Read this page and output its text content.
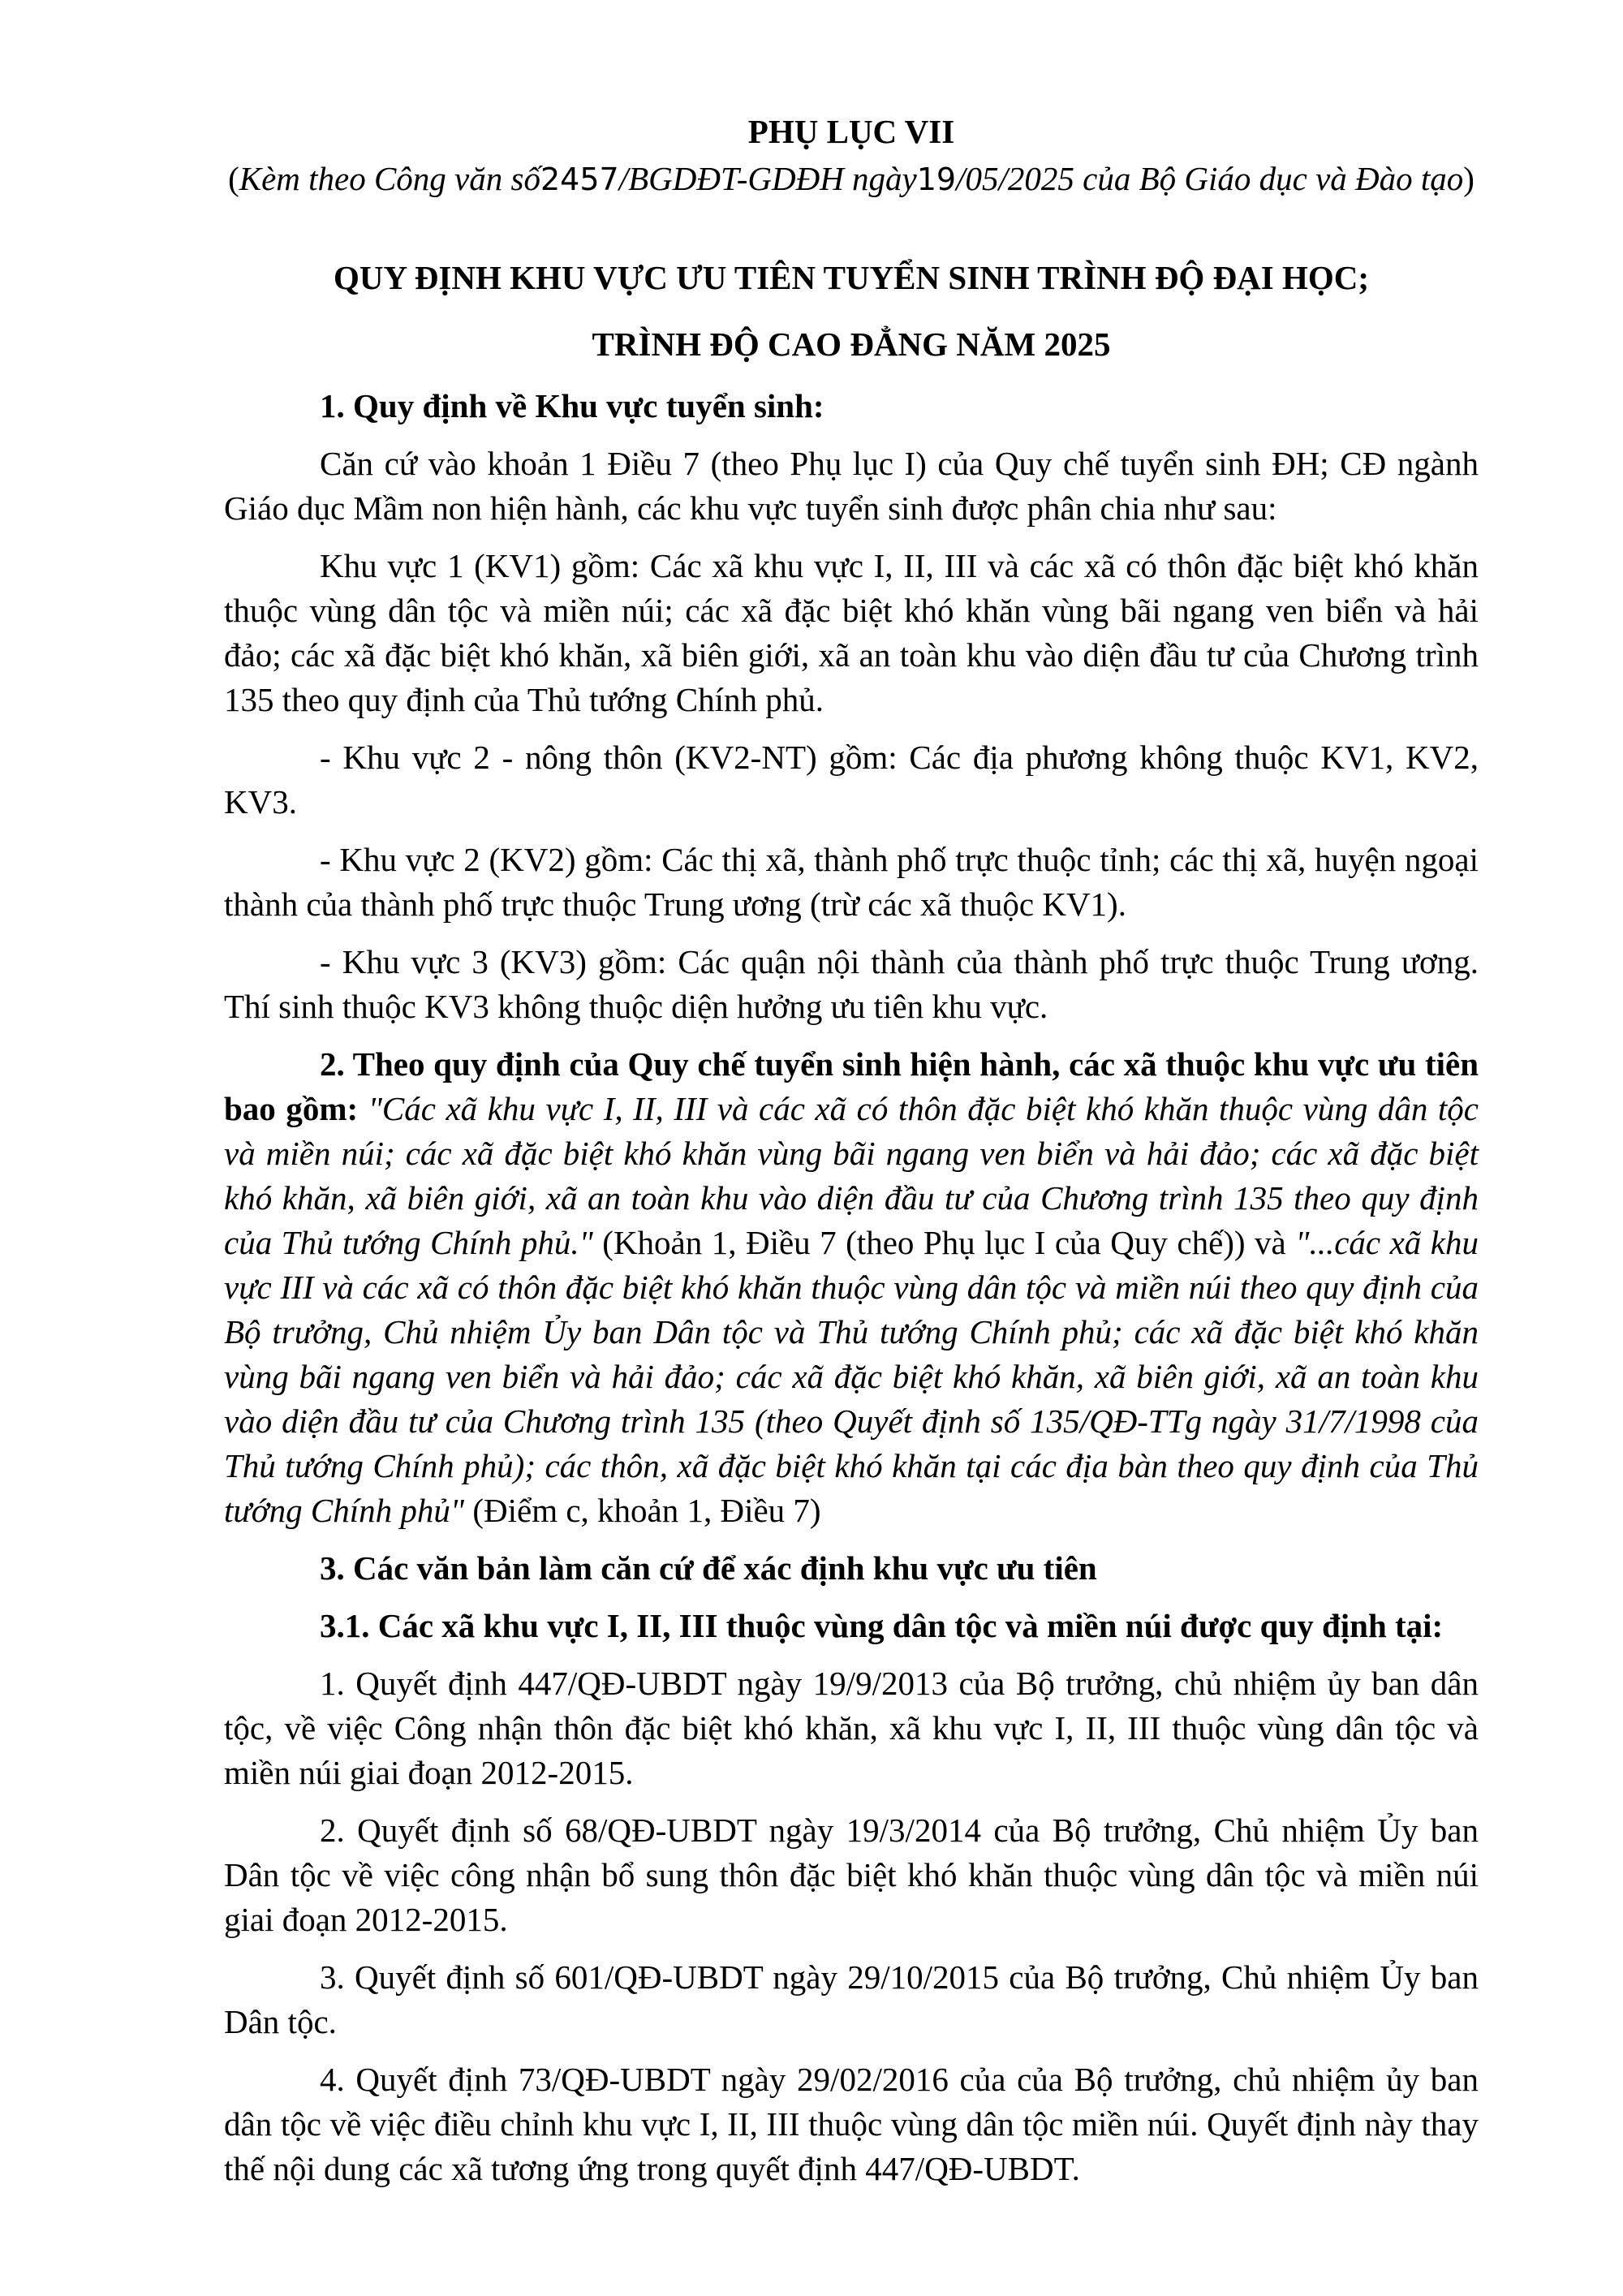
PHỤ LỤC VII
(Kèm theo Công văn số2457/BGDĐT-GDĐH ngày19/05/2025 của Bộ Giáo dục và Đào tạo)
QUY ĐỊNH KHU VỰC ƯU TIÊN TUYỂN SINH TRÌNH ĐỘ ĐẠI HỌC;
TRÌNH ĐỘ CAO ĐẲNG NĂM 2025

1. Quy định về Khu vực tuyển sinh:

Căn cứ vào khoản 1 Điều 7 (theo Phụ lục I) của Quy chế tuyển sinh ĐH; CĐ ngành Giáo dục Mầm non hiện hành, các khu vực tuyển sinh được phân chia như sau:

Khu vực 1 (KV1) gồm: Các xã khu vực I, II, III và các xã có thôn đặc biệt khó khăn thuộc vùng dân tộc và miền núi; các xã đặc biệt khó khăn vùng bãi ngang ven biển và hải đảo; các xã đặc biệt khó khăn, xã biên giới, xã an toàn khu vào diện đầu tư của Chương trình 135 theo quy định của Thủ tướng Chính phủ.

- Khu vực 2 - nông thôn (KV2-NT) gồm: Các địa phương không thuộc KV1, KV2, KV3.

- Khu vực 2 (KV2) gồm: Các thị xã, thành phố trực thuộc tỉnh; các thị xã, huyện ngoại thành của thành phố trực thuộc Trung ương (trừ các xã thuộc KV1).

- Khu vực 3 (KV3) gồm: Các quận nội thành của thành phố trực thuộc Trung ương. Thí sinh thuộc KV3 không thuộc diện hưởng ưu tiên khu vực.

2. Theo quy định của Quy chế tuyển sinh hiện hành, các xã thuộc khu vực ưu tiên bao gồm: "Các xã khu vực I, II, III và các xã có thôn đặc biệt khó khăn thuộc vùng dân tộc và miền núi; các xã đặc biệt khó khăn vùng bãi ngang ven biển và hải đảo; các xã đặc biệt khó khăn, xã biên giới, xã an toàn khu vào diện đầu tư của Chương trình 135 theo quy định của Thủ tướng Chính phủ." (Khoản 1, Điều 7 (theo Phụ lục I của Quy chế)) và "...các xã khu vực III và các xã có thôn đặc biệt khó khăn thuộc vùng dân tộc và miền núi theo quy định của Bộ trưởng, Chủ nhiệm Ủy ban Dân tộc và Thủ tướng Chính phủ; các xã đặc biệt khó khăn vùng bãi ngang ven biển và hải đảo; các xã đặc biệt khó khăn, xã biên giới, xã an toàn khu vào diện đầu tư của Chương trình 135 (theo Quyết định số 135/QĐ-TTg ngày 31/7/1998 của Thủ tướng Chính phủ); các thôn, xã đặc biệt khó khăn tại các địa bàn theo quy định của Thủ tướng Chính phủ" (Điểm c, khoản 1, Điều 7)

3. Các văn bản làm căn cứ để xác định khu vực ưu tiên

3.1. Các xã khu vực I, II, III thuộc vùng dân tộc và miền núi được quy định tại:

1. Quyết định 447/QĐ-UBDT ngày 19/9/2013 của Bộ trưởng, chủ nhiệm ủy ban dân tộc, về việc Công nhận thôn đặc biệt khó khăn, xã khu vực I, II, III thuộc vùng dân tộc và miền núi giai đoạn 2012-2015.

2. Quyết định số 68/QĐ-UBDT ngày 19/3/2014 của Bộ trưởng, Chủ nhiệm Ủy ban Dân tộc về việc công nhận bổ sung thôn đặc biệt khó khăn thuộc vùng dân tộc và miền núi giai đoạn 2012-2015.

3. Quyết định số 601/QĐ-UBDT ngày 29/10/2015 của Bộ trưởng, Chủ nhiệm Ủy ban Dân tộc.

4. Quyết định 73/QĐ-UBDT ngày 29/02/2016 của của Bộ trưởng, chủ nhiệm ủy ban dân tộc về việc điều chỉnh khu vực I, II, III thuộc vùng dân tộc miền núi. Quyết định này thay thế nội dung các xã tương ứng trong quyết định 447/QĐ-UBDT.
